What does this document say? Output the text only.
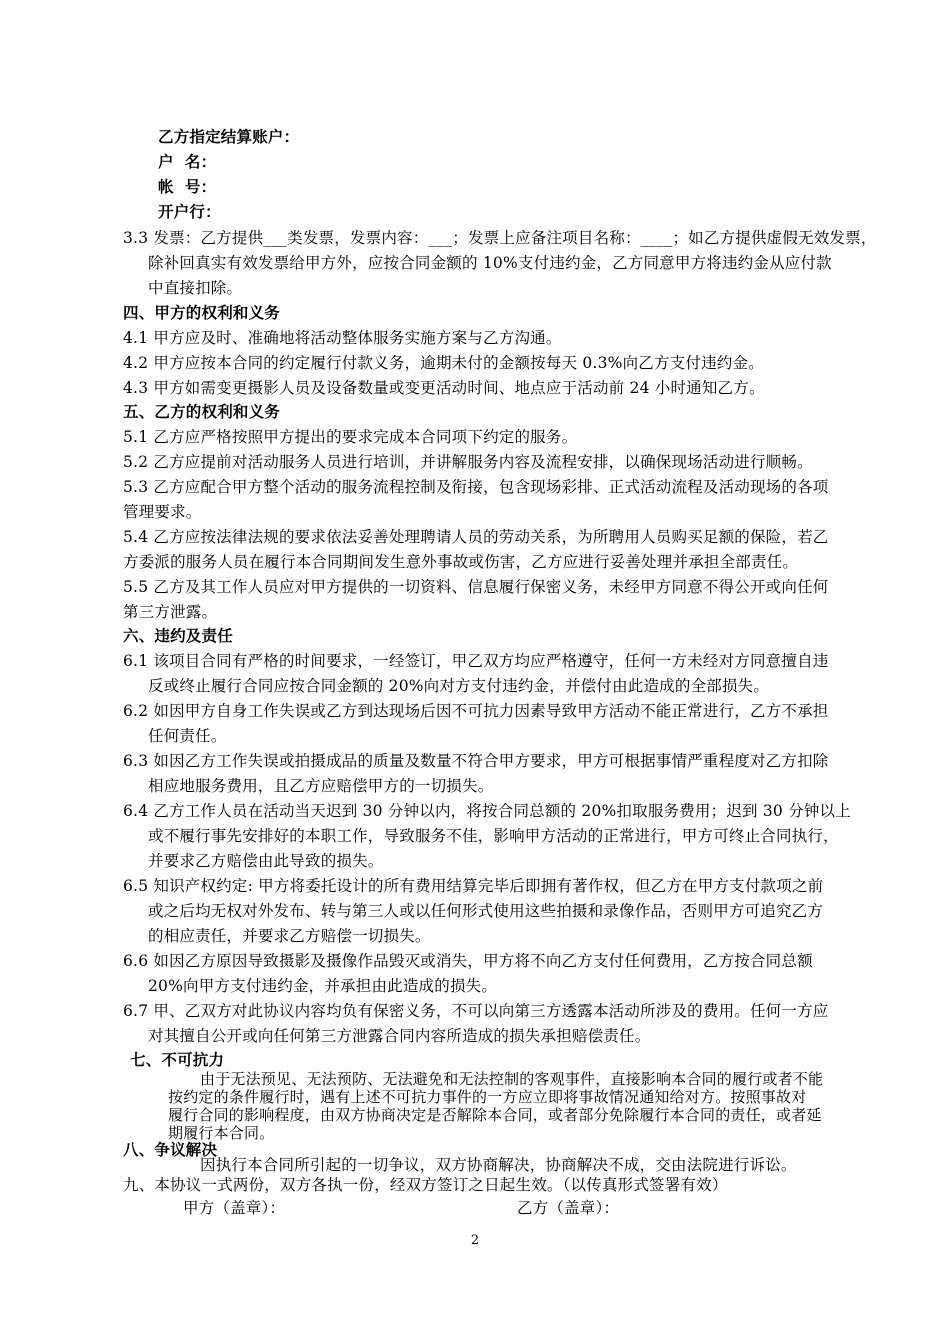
乙方指定结算账户：
户  名：
帐  号：
开户行：
3.3 发票：乙方提供___类发票，发票内容：___；发票上应备注项目名称：____；如乙方提供虚假无效发票，
除补回真实有效发票给甲方外，应按合同金额的 10%支付违约金，乙方同意甲方将违约金从应付款
中直接扣除。
四、甲方的权利和义务
4.1 甲方应及时、准确地将活动整体服务实施方案与乙方沟通。
4.2 甲方应按本合同的约定履行付款义务，逾期未付的金额按每天 0.3%向乙方支付违约金。
4.3 甲方如需变更摄影人员及设备数量或变更活动时间、地点应于活动前 24 小时通知乙方。
五、乙方的权利和义务
5.1 乙方应严格按照甲方提出的要求完成本合同项下约定的服务。
5.2 乙方应提前对活动服务人员进行培训，并讲解服务内容及流程安排，以确保现场活动进行顺畅。
5.3 乙方应配合甲方整个活动的服务流程控制及衔接，包含现场彩排、正式活动流程及活动现场的各项
管理要求。
5.4 乙方应按法律法规的要求依法妥善处理聘请人员的劳动关系，为所聘用人员购买足额的保险，若乙
方委派的服务人员在履行本合同期间发生意外事故或伤害，乙方应进行妥善处理并承担全部责任。
5.5 乙方及其工作人员应对甲方提供的一切资料、信息履行保密义务，未经甲方同意不得公开或向任何
第三方泄露。
六、违约及责任
6.1 该项目合同有严格的时间要求，一经签订，甲乙双方均应严格遵守，任何一方未经对方同意擅自违
反或终止履行合同应按合同金额的 20%向对方支付违约金，并偿付由此造成的全部损失。
6.2 如因甲方自身工作失误或乙方到达现场后因不可抗力因素导致甲方活动不能正常进行，乙方不承担
任何责任。
6.3 如因乙方工作失误或拍摄成品的质量及数量不符合甲方要求，甲方可根据事情严重程度对乙方扣除
相应地服务费用，且乙方应赔偿甲方的一切损失。
6.4 乙方工作人员在活动当天迟到 30 分钟以内，将按合同总额的 20%扣取服务费用；迟到 30 分钟以上
或不履行事先安排好的本职工作，导致服务不佳，影响甲方活动的正常进行，甲方可终止合同执行，
并要求乙方赔偿由此导致的损失。
6.5 知识产权约定: 甲方将委托设计的所有费用结算完毕后即拥有著作权，但乙方在甲方支付款项之前
或之后均无权对外发布、转与第三人或以任何形式使用这些拍摄和录像作品，否则甲方可追究乙方
的相应责任，并要求乙方赔偿一切损失。
6.6 如因乙方原因导致摄影及摄像作品毁灭或消失，甲方将不向乙方支付任何费用，乙方按合同总额
20%向甲方支付违约金，并承担由此造成的损失。
6.7 甲、乙双方对此协议内容均负有保密义务，不可以向第三方透露本活动所涉及的费用。任何一方应
对其擅自公开或向任何第三方泄露合同内容所造成的损失承担赔偿责任。
七、不可抗力
由于无法预见、无法预防、无法避免和无法控制的客观事件，直接影响本合同的履行或者不能
按约定的条件履行时，遇有上述不可抗力事件的一方应立即将事故情况通知给对方。按照事故对
履行合同的影响程度，由双方协商决定是否解除本合同，或者部分免除履行本合同的责任，或者延
期履行本合同。
八、争议解决
因执行本合同所引起的一切争议，双方协商解决，协商解决不成，交由法院进行诉讼。
九、本协议一式两份，双方各执一份，经双方签订之日起生效。（以传真形式签署有效）
甲方（盖章）：	乙方（盖章）：
2
